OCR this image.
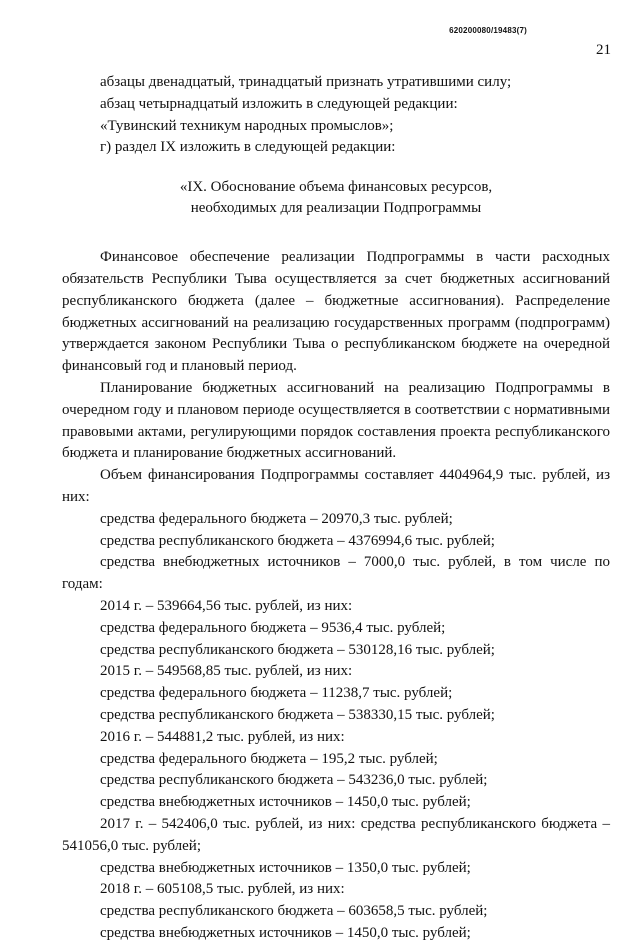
620200080/19483(7)
21
абзацы двенадцатый, тринадцатый признать утратившими силу;
абзац четырнадцатый изложить в следующей редакции:
«Тувинский техникум народных промыслов»;
г) раздел IX изложить в следующей редакции:
«IX. Обоснование объема финансовых ресурсов,
необходимых для реализации Подпрограммы

Финансовое обеспечение реализации Подпрограммы в части расходных обязательств Республики Тыва осуществляется за счет бюджетных ассигнований республиканского бюджета (далее – бюджетные ассигнования). Распределение бюджетных ассигнований на реализацию государственных программ (подпрограмм) утверждается законом Республики Тыва о республиканском бюджете на очередной финансовый год и плановый период.

Планирование бюджетных ассигнований на реализацию Подпрограммы в очередном году и плановом периоде осуществляется в соответствии с нормативными правовыми актами, регулирующими порядок составления проекта республиканского бюджета и планирование бюджетных ассигнований.

Объем финансирования Подпрограммы составляет 4404964,9 тыс. рублей, из них:

средства федерального бюджета – 20970,3 тыс. рублей;
средства республиканского бюджета – 4376994,6 тыс. рублей;

средства внебюджетных источников – 7000,0 тыс. рублей, в том числе по годам:

2014 г. – 539664,56 тыс. рублей, из них:
средства федерального бюджета – 9536,4 тыс. рублей;
средства республиканского бюджета – 530128,16 тыс. рублей;
2015 г. – 549568,85 тыс. рублей, из них:
средства федерального бюджета – 11238,7 тыс. рублей;
средства республиканского бюджета – 538330,15 тыс. рублей;
2016 г. – 544881,2 тыс. рублей, из них:
средства федерального бюджета – 195,2 тыс. рублей;
средства республиканского бюджета – 543236,0 тыс. рублей;
средства внебюджетных источников – 1450,0 тыс. рублей;

2017 г. – 542406,0 тыс. рублей, из них: средства республиканского бюджета – 541056,0 тыс. рублей;

средства внебюджетных источников – 1350,0 тыс. рублей;
2018 г. – 605108,5 тыс. рублей, из них:
средства республиканского бюджета – 603658,5 тыс. рублей;
средства внебюджетных источников – 1450,0 тыс. рублей;
